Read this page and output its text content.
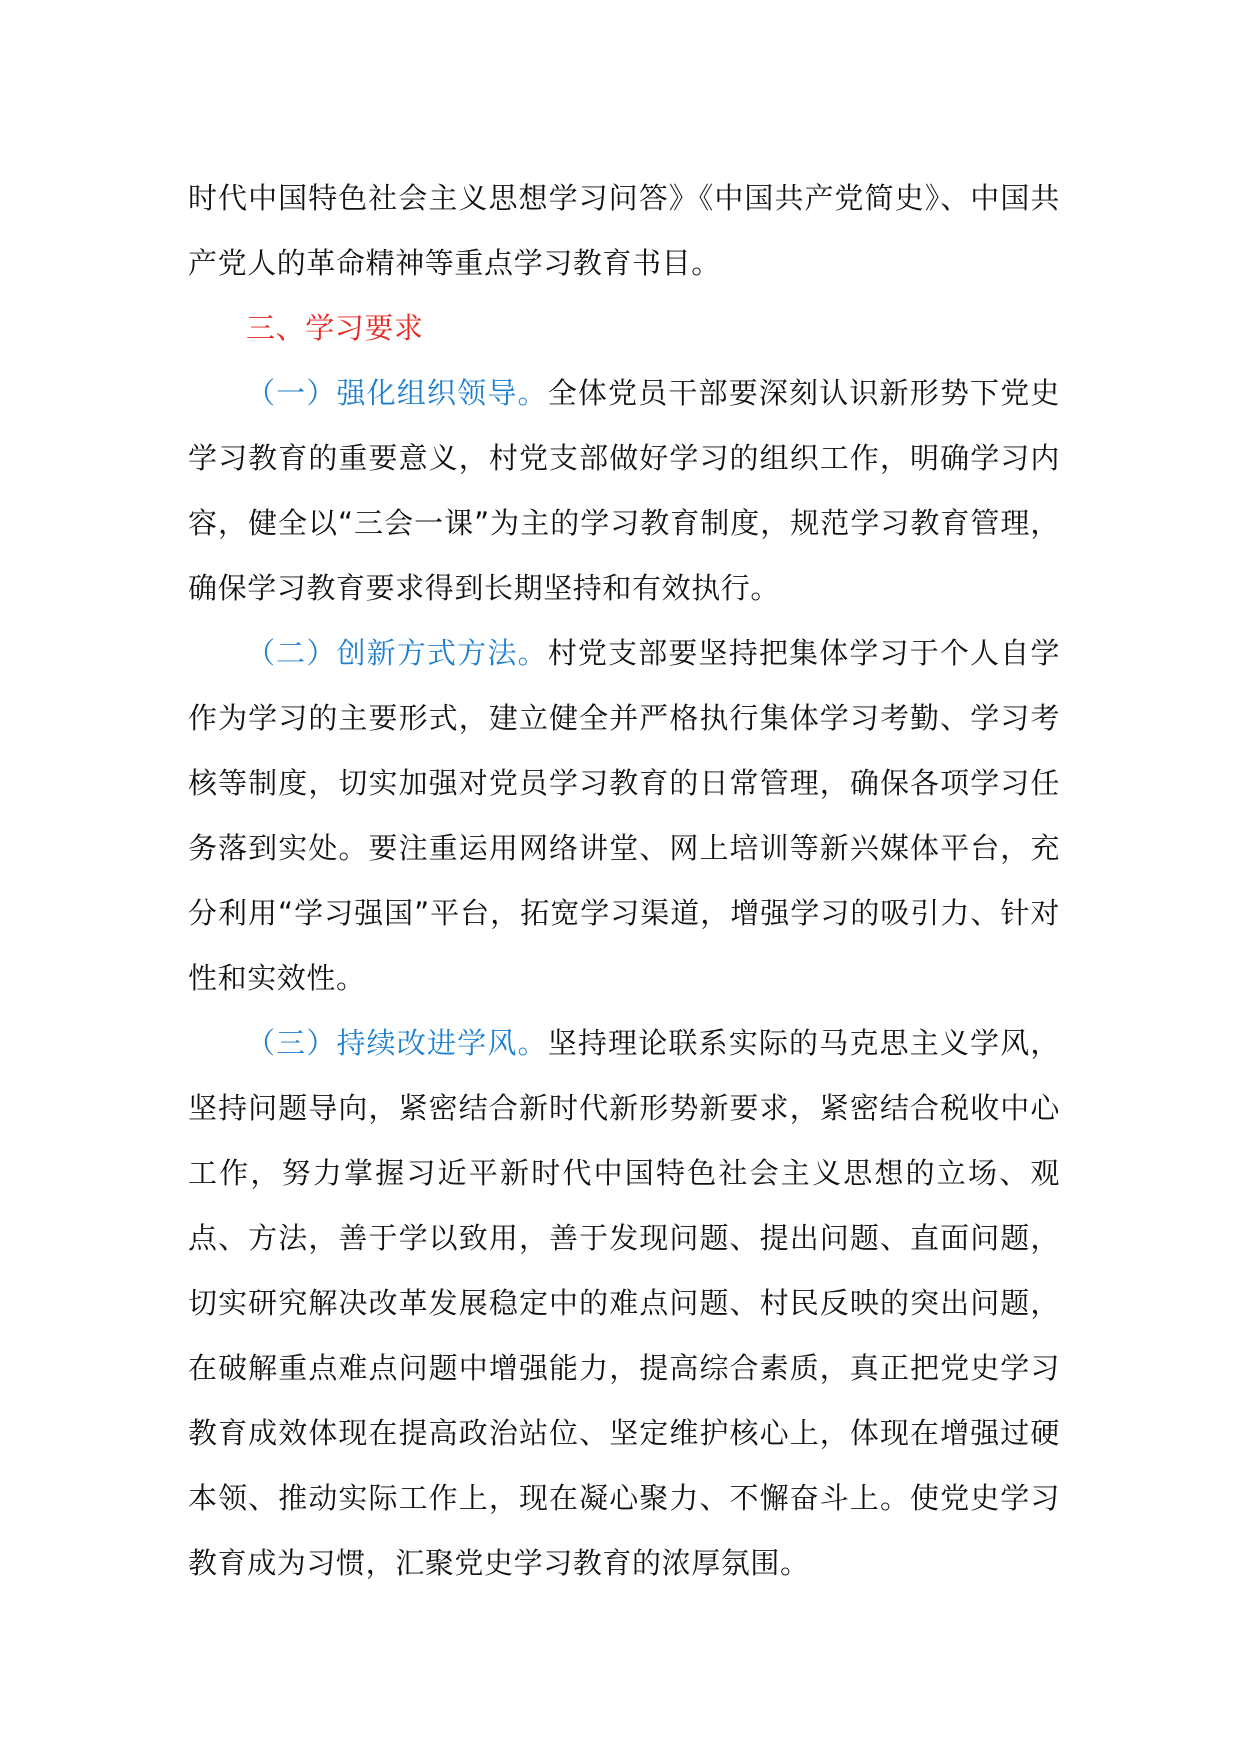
时代中国特色社会主义思想学习问答》《中国共产党简史》、中国共产党人的革命精神等重点学习教育书目。

三、学习要求

（一）强化组织领导。全体党员干部要深刻认识新形势下党史学习教育的重要意义，村党支部做好学习的组织工作，明确学习内容，健全以“三会一课”为主的学习教育制度，规范学习教育管理，确保学习教育要求得到长期坚持和有效执行。

（二）创新方式方法。村党支部要坚持把集体学习于个人自学作为学习的主要形式，建立健全并严格执行集体学习考勤、学习考核等制度，切实加强对党员学习教育的日常管理，确保各项学习任务落到实处。要注重运用网络讲堂、网上培训等新兴媒体平台，充分利用“学习强国”平台，拓宽学习渠道，增强学习的吸引力、针对性和实效性。

（三）持续改进学风。坚持理论联系实际的马克思主义学风，坚持问题导向，紧密结合新时代新形势新要求，紧密结合税收中心工作，努力掌握习近平新时代中国特色社会主义思想的立场、观点、方法，善于学以致用，善于发现问题、提出问题、直面问题，切实研究解决改革发展稳定中的难点问题、村民反映的突出问题，在破解重点难点问题中增强能力，提高综合素质，真正把党史学习教育成效体现在提高政治站位、坚定维护核心上，体现在增强过硬本领、推动实际工作上，现在凝心聚力、不懈奋斗上。使党史学习教育成为习惯，汇聚党史学习教育的浓厚氛围。
